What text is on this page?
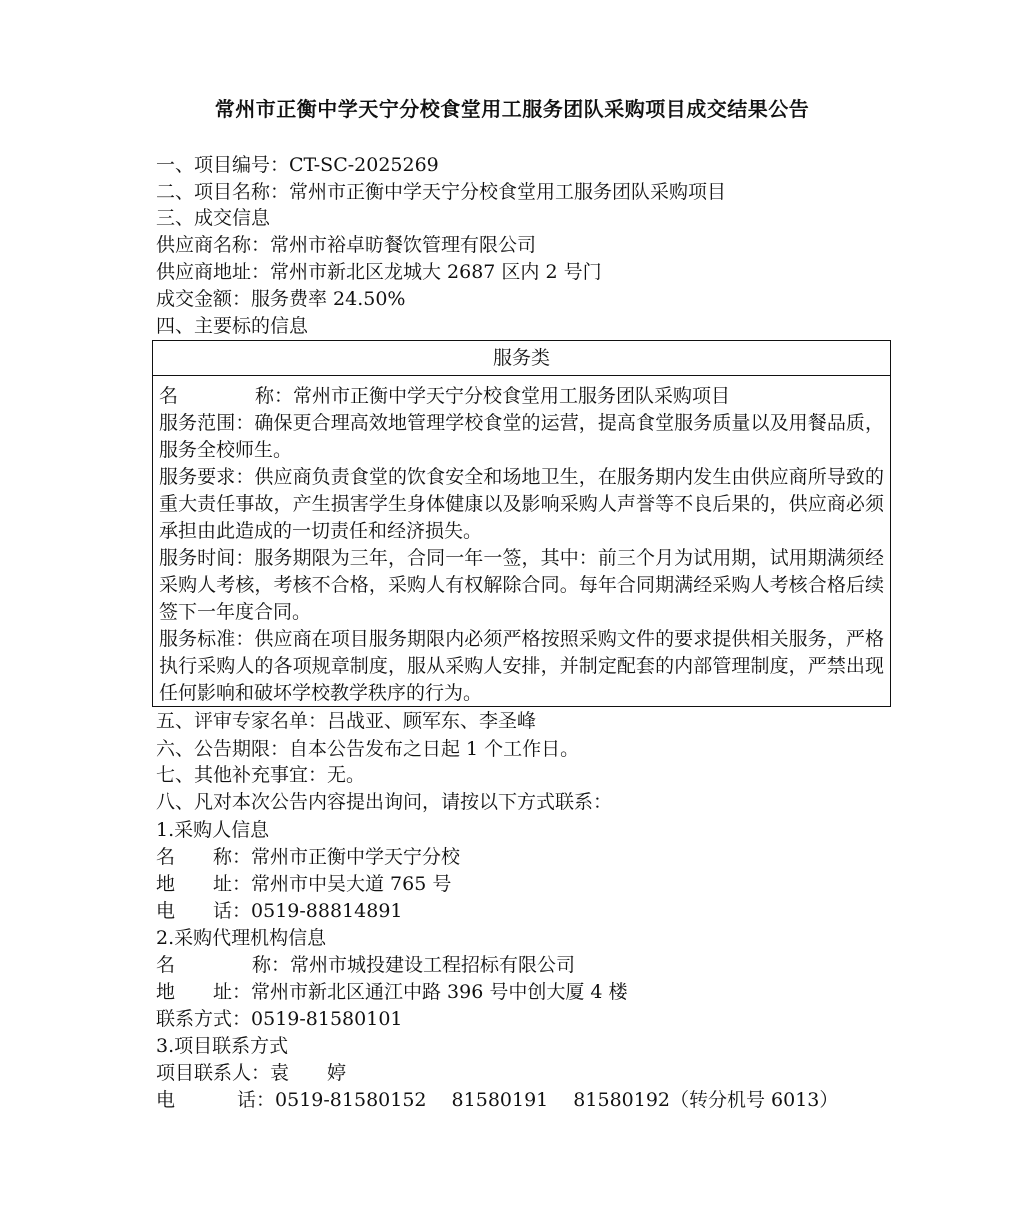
常州市正衡中学天宁分校食堂用工服务团队采购项目成交结果公告
一、项目编号：CT-SC-2025269
二、项目名称：常州市正衡中学天宁分校食堂用工服务团队采购项目
三、成交信息
供应商名称：常州市裕卓昉餐饮管理有限公司
供应商地址：常州市新北区龙城大 2687 区内 2 号门
成交金额：服务费率 24.50%
四、主要标的信息
服务类

名	称：常州市正衡中学天宁分校食堂用工服务团队采购项目

服务范围：确保更合理高效地管理学校食堂的运营，提高食堂服务质量以及用餐品质，服务全校师生。

服务要求：供应商负责食堂的饮食安全和场地卫生，在服务期内发生由供应商所导致的重大责任事故，产生损害学生身体健康以及影响采购人声誉等不良后果的，供应商必须承担由此造成的一切责任和经济损失。

服务时间：服务期限为三年，合同一年一签，其中：前三个月为试用期，试用期满须经采购人考核，考核不合格，采购人有权解除合同。每年合同期满经采购人考核合格后续签下一年度合同。

服务标准：供应商在项目服务期限内必须严格按照采购文件的要求提供相关服务，严格执行采购人的各项规章制度，服从采购人安排，并制定配套的内部管理制度，严禁出现任何影响和破坏学校教学秩序的行为。

五、评审专家名单：吕战亚、顾军东、李圣峰
六、公告期限：自本公告发布之日起 1 个工作日。
七、其他补充事宜：无。
八、凡对本次公告内容提出询问，请按以下方式联系：
1.采购人信息
名　　称：常州市正衡中学天宁分校
地　　址：常州市中吴大道 765 号
电　　话：0519-88814891
2.采购代理机构信息
名	称：常州市城投建设工程招标有限公司
地　　址：常州市新北区通江中路 396 号中创大厦 4 楼
联系方式：0519-81580101
3.项目联系方式
项目联系人：袁　　婷
电	话：0519-81580152　 81580191　 81580192（转分机号 6013）
